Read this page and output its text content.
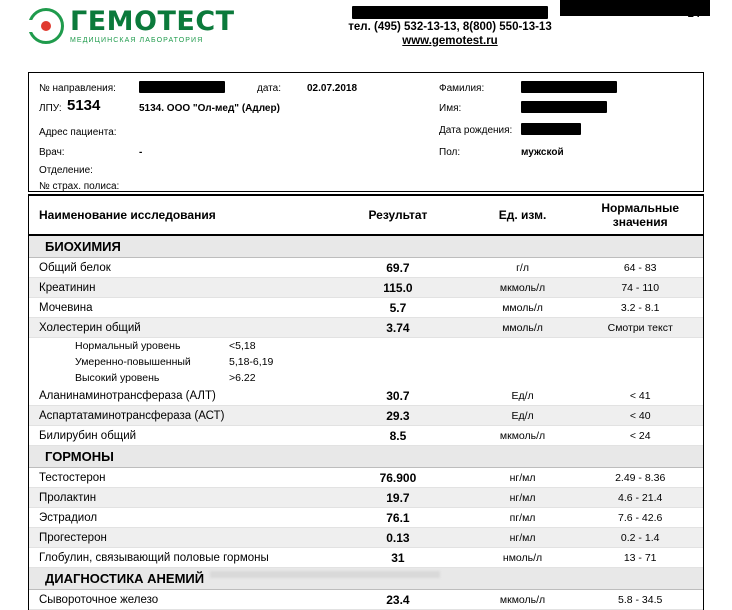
ГЕМОТЕСТ
МЕДИЦИНСКАЯ ЛАБОРАТОРИЯ
тел. (495) 532-13-13, 8(800) 550-13-13
www.gemotest.ru
24
№ направления:	дата:	02.07.2018
ЛПУ: 5134	5134. ООО "Ол-мед" (Адлер)
Адрес пациента:
Врач:	-
Отделение:
№ страх. полиса:
Фамилия:
Имя:
Дата рождения:
Пол:	мужской
Наименование исследования	Результат	Ед. изм.	Нормальные
значения
БИОХИМИЯ
Общий белок	69.7	г/л	64 - 83
Креатинин	115.0	мкмоль/л	74 - 110
Мочевина	5.7	ммоль/л	3.2 - 8.1
Холестерин общий	3.74	ммоль/л	Смотри текст
Нормальный уровень	<5,18
Умеренно-повышенный	5,18-6,19
Высокий уровень	>6.22
Аланинаминотрансфераза (АЛТ)	30.7	Ед/л	< 41
Аспартатаминотрансфераза (АСТ)	29.3	Ед/л	< 40
Билирубин общий	8.5	мкмоль/л	< 24
ГОРМОНЫ
Тестостерон	76.900	нг/мл	2.49 - 8.36
Пролактин	19.7	нг/мл	4.6 - 21.4
Эстрадиол	76.1	пг/мл	7.6 - 42.6
Прогестерон	0.13	нг/мл	0.2 - 1.4
Глобулин, связывающий половые гормоны	31	нмоль/л	13 - 71
ДИАГНОСТИКА АНЕМИЙ
Сывороточное железо	23.4	мкмоль/л	5.8 - 34.5
